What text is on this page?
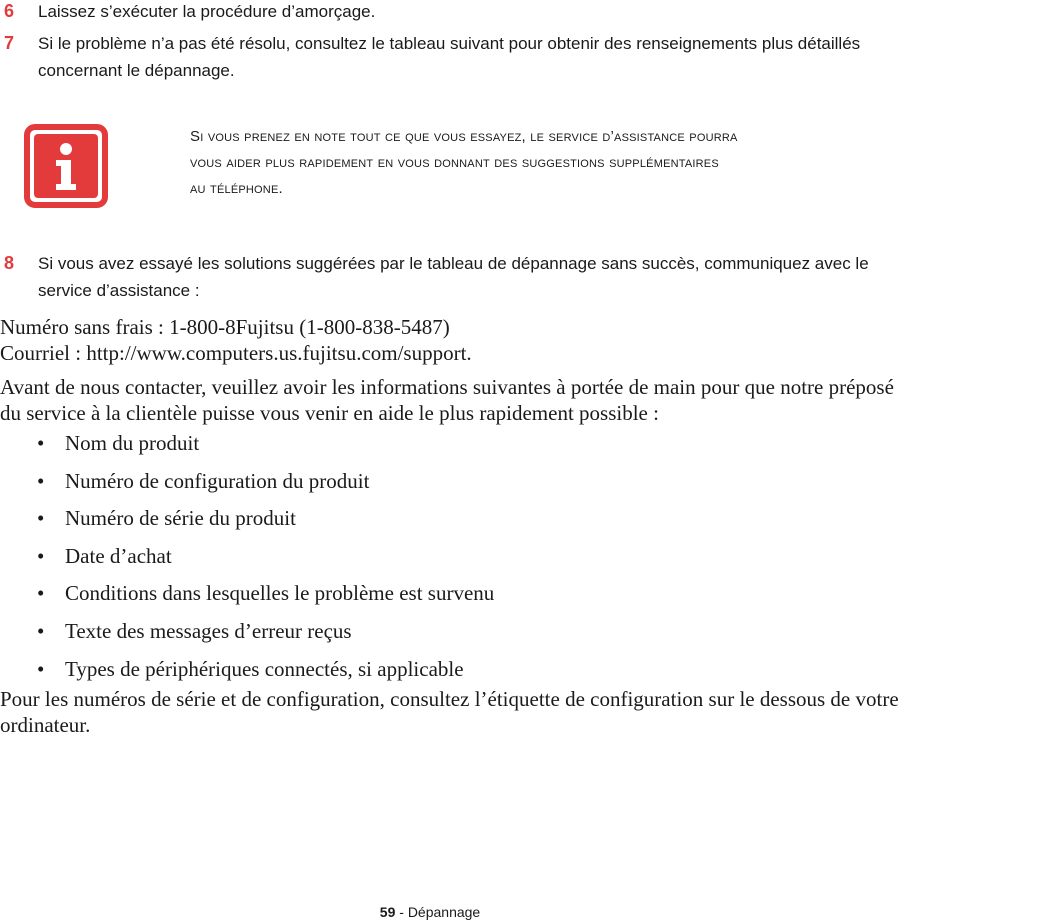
6 Laissez s’exécuter la procédure d’amorçage.
7 Si le problème n’a pas été résolu, consultez le tableau suivant pour obtenir des renseignements plus détaillés
concernant le dépannage.
Si vous prenez en note tout ce que vous essayez, le service d’assistance pourra
vous aider plus rapidement en vous donnant des suggestions supplémentaires
au téléphone.
8 Si vous avez essayé les solutions suggérées par le tableau de dépannage sans succès, communiquez avec le
service d’assistance :
Numéro sans frais : 1-800-8Fujitsu (1-800-838-5487)
Courriel : http://www.computers.us.fujitsu.com/support.
Avant de nous contacter, veuillez avoir les informations suivantes à portée de main pour que notre préposé
du service à la clientèle puisse vous venir en aide le plus rapidement possible :
• Nom du produit
• Numéro de configuration du produit
• Numéro de série du produit
• Date d’achat
• Conditions dans lesquelles le problème est survenu
• Texte des messages d’erreur reçus
• Types de périphériques connectés, si applicable
Pour les numéros de série et de configuration, consultez l’étiquette de configuration sur le dessous de votre
ordinateur.
59 - Dépannage
